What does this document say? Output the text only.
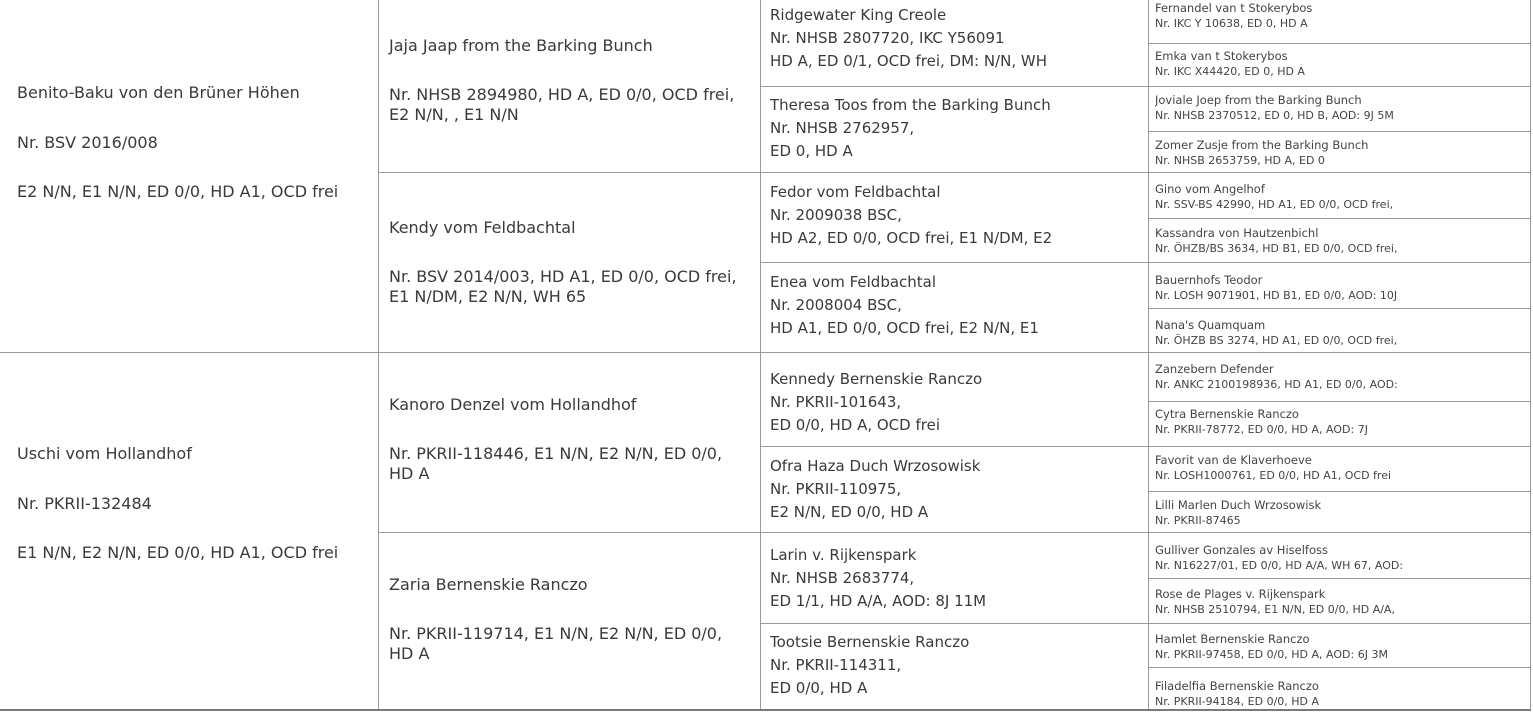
Benito-Baku von den Brüner Höhen
Nr. BSV 2016/008
E2 N/N, E1 N/N, ED 0/0, HD A1, OCD frei
Uschi vom Hollandhof
Nr. PKRII-132484
E1 N/N, E2 N/N, ED 0/0, HD A1, OCD frei
Jaja Jaap from the Barking Bunch
Nr. NHSB 2894980, HD A, ED 0/0, OCD frei, E2 N/N, , E1 N/N
Kendy vom Feldbachtal
Nr. BSV 2014/003, HD A1, ED 0/0, OCD frei, E1 N/DM, E2 N/N, WH 65
Kanoro Denzel vom Hollandhof
Nr. PKRII-118446, E1 N/N, E2 N/N, ED 0/0, HD A
Zaria Bernenskie Ranczo
Nr. PKRII-119714, E1 N/N, E2 N/N, ED 0/0, HD A
Ridgewater King Creole
Nr. NHSB 2807720, IKC Y56091
HD A, ED 0/1, OCD frei, DM: N/N, WH
Theresa Toos from the Barking Bunch
Nr. NHSB 2762957,
ED 0, HD A
Fedor vom Feldbachtal
Nr. 2009038 BSC,
HD A2, ED 0/0, OCD frei, E1 N/DM, E2
Enea vom Feldbachtal
Nr. 2008004 BSC,
HD A1, ED 0/0, OCD frei, E2 N/N, E1
Kennedy Bernenskie Ranczo
Nr. PKRII-101643,
ED 0/0, HD A, OCD frei
Ofra Haza Duch Wrzosowisk
Nr. PKRII-110975,
E2 N/N, ED 0/0, HD A
Larin v. Rijkenspark
Nr. NHSB 2683774,
ED 1/1, HD A/A, AOD: 8J 11M
Tootsie Bernenskie Ranczo
Nr. PKRII-114311,
ED 0/0, HD A
Fernandel van t Stokerybos
Nr. IKC Y 10638, ED 0, HD A
Emka van t Stokerybos
Nr. IKC X44420, ED 0, HD A
Joviale Joep from the Barking Bunch
Nr. NHSB 2370512, ED 0, HD B, AOD: 9J 5M
Zomer Zusje from the Barking Bunch
Nr. NHSB 2653759, HD A, ED 0
Gino vom Angelhof
Nr. SSV-BS 42990, HD A1, ED 0/0, OCD frei,
Kassandra von Hautzenbichl
Nr. ÖHZB/BS 3634, HD B1, ED 0/0, OCD frei,
Bauernhofs Teodor
Nr. LOSH 9071901, HD B1, ED 0/0, AOD: 10J
Nana's Quamquam
Nr. ÖHZB BS 3274, HD A1, ED 0/0, OCD frei,
Zanzebern Defender
Nr. ANKC 2100198936, HD A1, ED 0/0, AOD:
Cytra Bernenskie Ranczo
Nr. PKRII-78772, ED 0/0, HD A, AOD: 7J
Favorit van de Klaverhoeve
Nr. LOSH1000761, ED 0/0, HD A1, OCD frei
Lilli Marlen Duch Wrzosowisk
Nr. PKRII-87465
Gulliver Gonzales av Hiselfoss
Nr. N16227/01, ED 0/0, HD A/A, WH 67, AOD:
Rose de Plages v. Rijkenspark
Nr. NHSB 2510794, E1 N/N, ED 0/0, HD A/A,
Hamlet Bernenskie Ranczo
Nr. PKRII-97458, ED 0/0, HD A, AOD: 6J 3M
Filadelfia Bernenskie Ranczo
Nr. PKRII-94184, ED 0/0, HD A
